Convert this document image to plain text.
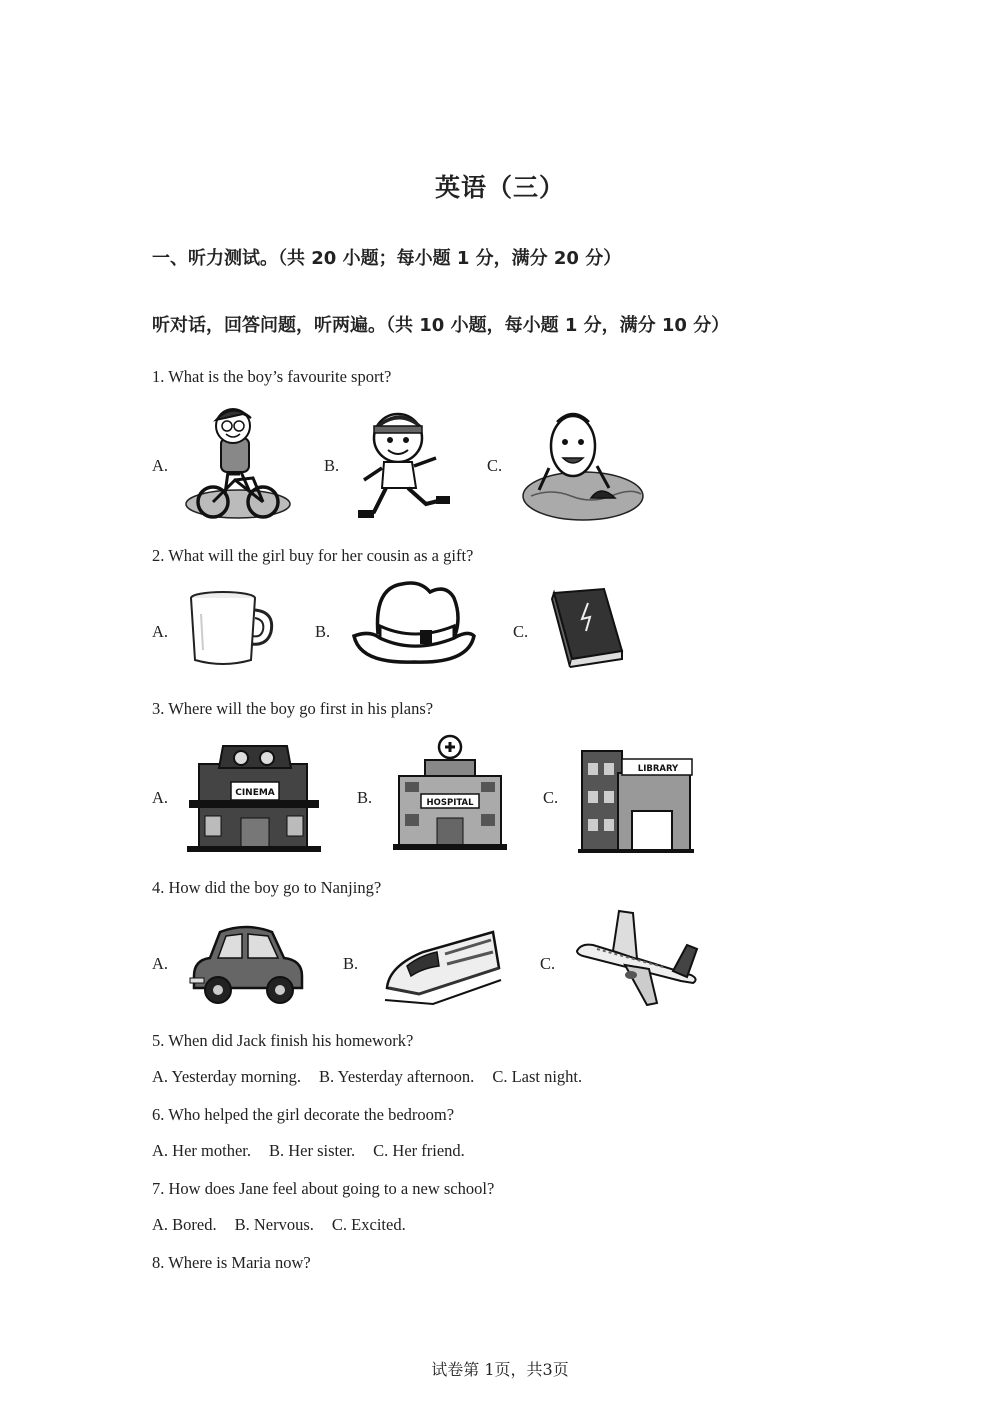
英语（三）
一、听力测试。（共 20 小题；每小题 1 分，满分 20 分）
听对话，回答问题，听两遍。（共 10 小题，每小题 1 分，满分 10 分）
1. What is the boy’s favourite sport?
A.	B.	C.
2. What will the girl buy for her cousin as a gift?
A.	B.	C.
3. Where will the boy go first in his plans?
A.	B.	C.
CINEMA
HOSPITAL
LIBRARY
4. How did the boy go to Nanjing?
A.	B.	C.
5. When did Jack finish his homework?
A. Yesterday morning. B. Yesterday afternoon. C. Last night.
6. Who helped the girl decorate the bedroom?
A. Her mother. B. Her sister. C. Her friend.
7. How does Jane feel about going to a new school?
A. Bored. B. Nervous. C. Excited.
8. Where is Maria now?
试卷第 1页，共3页
